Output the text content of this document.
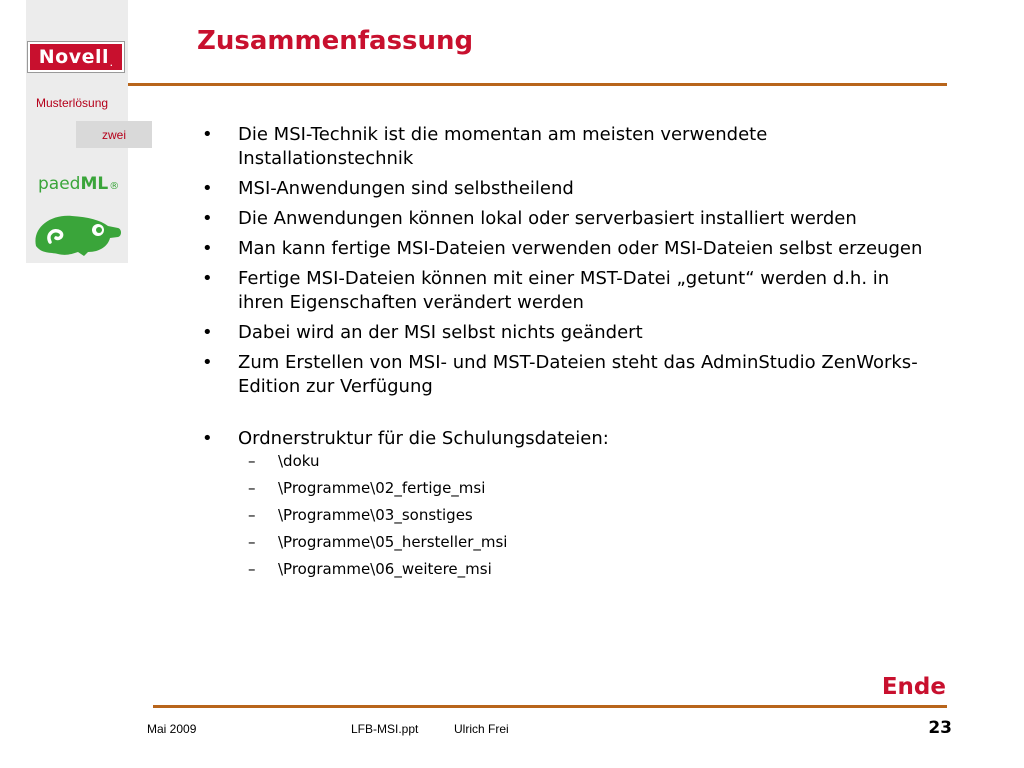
Novell .
Musterlösung
zwei
paedML®
Zusammenfassung
• Die MSI-Technik ist die momentan am meisten verwendete Installationstechnik
• MSI-Anwendungen sind selbstheilend
• Die Anwendungen können lokal oder serverbasiert installiert werden
• Man kann fertige MSI-Dateien verwenden oder MSI-Dateien selbst erzeugen
• Fertige MSI-Dateien können mit einer MST-Datei „getunt“ werden d.h. in ihren Eigenschaften verändert werden
• Dabei wird an der MSI selbst nichts geändert
• Zum Erstellen von MSI- und MST-Dateien steht das AdminStudio ZenWorks-Edition zur Verfügung
• Ordnerstruktur für die Schulungsdateien:
– \doku
– \Programme\02_fertige_msi
– \Programme\03_sonstiges
– \Programme\05_hersteller_msi
– \Programme\06_weitere_msi
Ende
Mai 2009	LFB-MSI.ppt	Ulrich Frei	23
